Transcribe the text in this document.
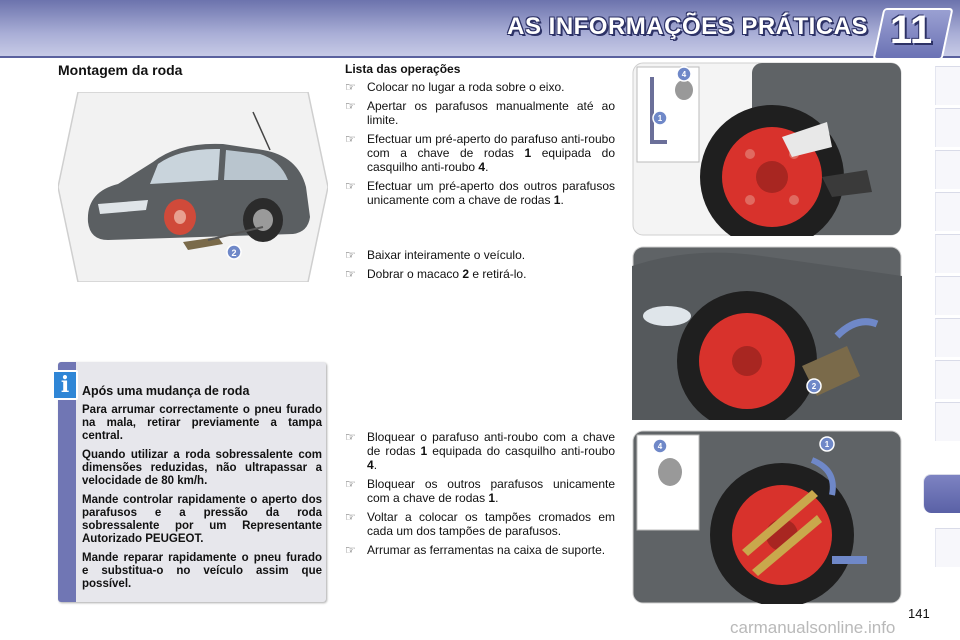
AS INFORMAÇÕES PRÁTICAS 11
Montagem da roda
2
i	Após uma mudança de roda

Para arrumar correctamente o pneu furado na mala, retirar previamente a tampa central.

Quando utilizar a roda sobressalente com dimensões reduzidas, não ultrapassar a velocidade de 80 km/h.

Mande controlar rapidamente o aperto dos parafusos e a pressão da roda sobressalente por um Representante Autorizado PEUGEOT.

Mande reparar rapidamente o pneu furado e substitua-o no veículo assim que possível.

Lista das operações
☞ Colocar no lugar a roda sobre o eixo.
☞ Apertar os parafusos manualmente até ao limite.
☞ Efectuar um pré-aperto do parafuso anti-roubo com a chave de rodas 1 equipada do casquilho anti-roubo 4.
☞ Efectuar um pré-aperto dos outros parafusos unicamente com a chave de rodas 1.
☞ Baixar inteiramente o veículo.
☞ Dobrar o macaco 2 e retirá-lo.
☞ Bloquear o parafuso anti-roubo com a chave de rodas 1 equipada do casquilho anti-roubo 4.
☞ Bloquear os outros parafusos unicamente com a chave de rodas 1.
☞ Voltar a colocar os tampões cromados em cada um dos tampões de parafusos.
☞ Arrumar as ferramentas na caixa de suporte.
4
1
2
4	1
141
carmanualsonline.info
